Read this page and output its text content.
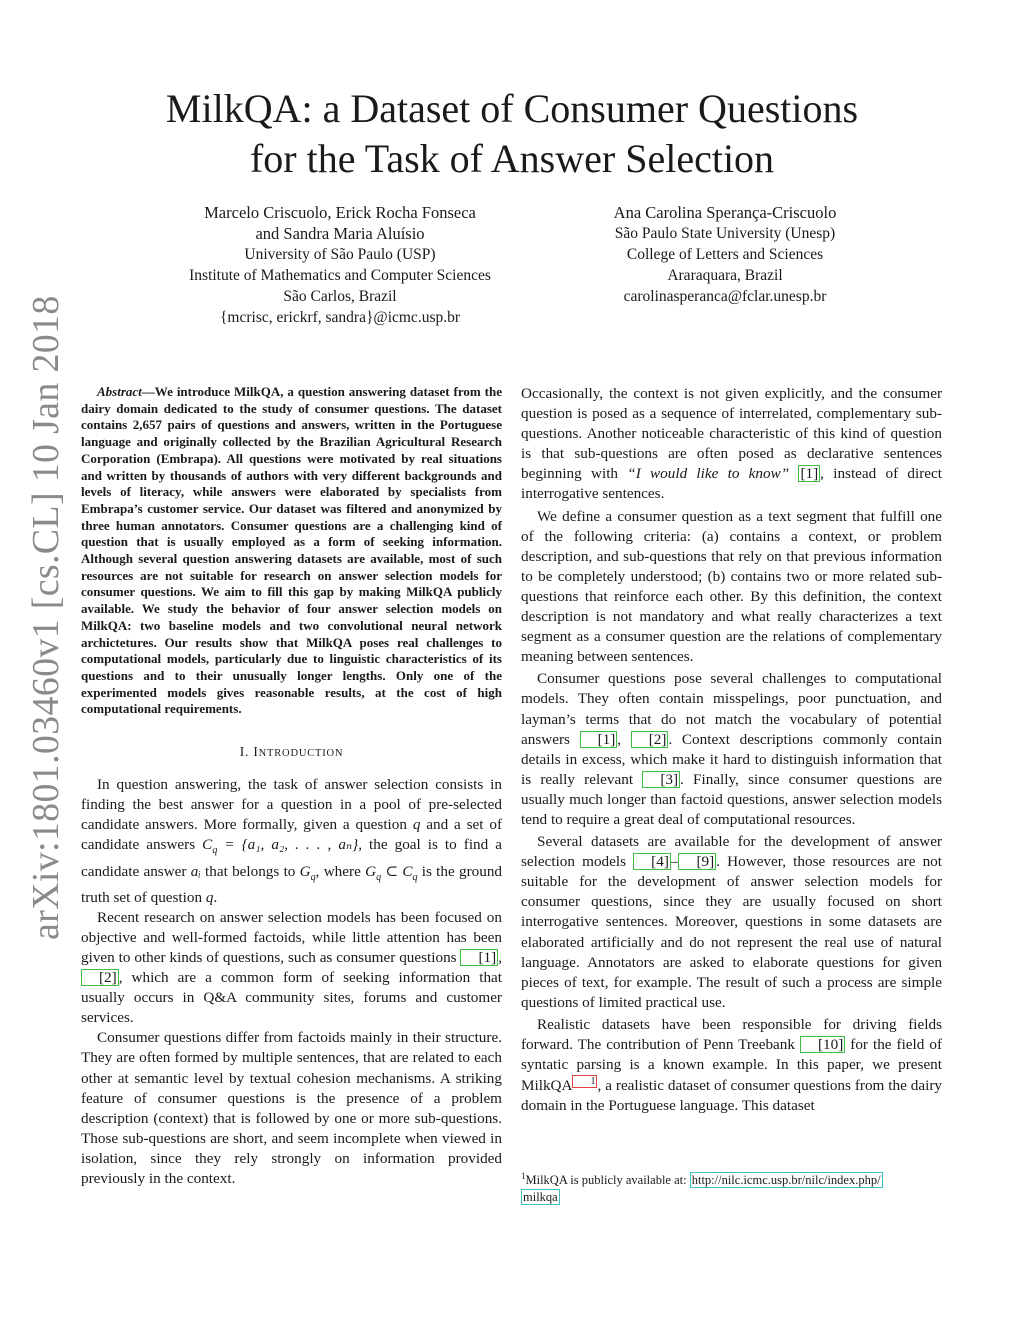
arXiv:1801.03460v1 [cs.CL] 10 Jan 2018
MilkQA: a Dataset of Consumer Questions
for the Task of Answer Selection
Marcelo Criscuolo, Erick Rocha Fonseca
and Sandra Maria Aluísio
University of São Paulo (USP)
Institute of Mathematics and Computer Sciences
São Carlos, Brazil
{mcrisc, erickrf, sandra}@icmc.usp.br
Ana Carolina Sperança-Criscuolo
São Paulo State University (Unesp)
College of Letters and Sciences
Araraquara, Brazil
carolinasperanca@fclar.unesp.br

Abstract—We introduce MilkQA, a question answering dataset from the dairy domain dedicated to the study of consumer questions. The dataset contains 2,657 pairs of questions and answers, written in the Portuguese language and originally collected by the Brazilian Agricultural Research Corporation (Embrapa). All questions were motivated by real situations and written by thousands of authors with very different backgrounds and levels of literacy, while answers were elaborated by specialists from Embrapa’s customer service. Our dataset was filtered and anonymized by three human annotators. Consumer questions are a challenging kind of question that is usually employed as a form of seeking information. Although several question answering datasets are available, most of such resources are not suitable for research on answer selection models for consumer questions. We aim to fill this gap by making MilkQA publicly available. We study the behavior of four answer selection models on MilkQA: two baseline models and two convolutional neural network archictetures. Our results show that MilkQA poses real challenges to computational models, particularly due to linguistic characteristics of its questions and to their unusually longer lengths. Only one of the experimented models gives reasonable results, at the cost of high computational requirements.

I. INTRODUCTION

In question answering, the task of answer selection consists in finding the best answer for a question in a pool of pre-selected candidate answers. More formally, given a question q and a set of candidate answers $C_q = \{a_1$, a₂, . . . , aₙ}, the goal is to find a candidate answer aᵢ that belongs to $G_q$, where $G_q$ ⊂ $C_q$ is the ground truth set of question q.

Recent research on answer selection models has been focused on objective and well-formed factoids, while little attention has been given to other kinds of questions, such as consumer questions [1] , [2] , which are a common form of seeking information that usually occurs in Q&A community sites, forums and customer services.

Consumer questions differ from factoids mainly in their structure. They are often formed by multiple sentences, that are related to each other at semantic level by textual cohesion mechanisms. A striking feature of consumer questions is the presence of a problem description (context) that is followed by one or more sub-questions. Those sub-questions are short, and seem incomplete when viewed in isolation, since they rely strongly on information provided previously in the context.

Occasionally, the context is not given explicitly, and the consumer question is posed as a sequence of interrelated, complementary sub-questions. Another noticeable characteristic of this kind of question is that sub-questions are often posed as declarative sentences beginning with “I would like to know” [1] , instead of direct interrogative sentences.

We define a consumer question as a text segment that fulfill one of the following criteria: (a) contains a context, or problem description, and sub-questions that rely on that previous information to be completely understood; (b) contains two or more related sub-questions that reinforce each other. By this definition, the context description is not mandatory and what really characterizes a text segment as a consumer question are the relations of complementary meaning between sentences.

Consumer questions pose several challenges to computational models. They often contain misspelings, poor punctuation, and layman’s terms that do not match the vocabulary of potential answers [1] , [2] . Context descriptions commonly contain details in excess, which make it hard to distinguish information that is really relevant [3] . Finally, since consumer questions are usually much longer than factoid questions, answer selection models tend to require a great deal of computational resources.

Several datasets are available for the development of answer selection models [4] – [9] . However, those resources are not suitable for the development of answer selection models for consumer questions, since they are usually focused on short interrogative sentences. Moreover, questions in some datasets are elaborated artificially and do not represent the real use of natural language. Annotators are asked to elaborate questions for given pieces of text, for example. The result of such a process are simple questions of limited practical use.

Realistic datasets have been responsible for driving fields forward. The contribution of Penn Treebank [10] for the field of syntatic parsing is a known example. In this paper, we present MilkQA 1 , a realistic dataset of consumer questions from the dairy domain in the Portuguese language. This dataset

$^1$MilkQA is publicly available at: http://nilc.icmc.usp.br/nilc/index.php/
milkqa
